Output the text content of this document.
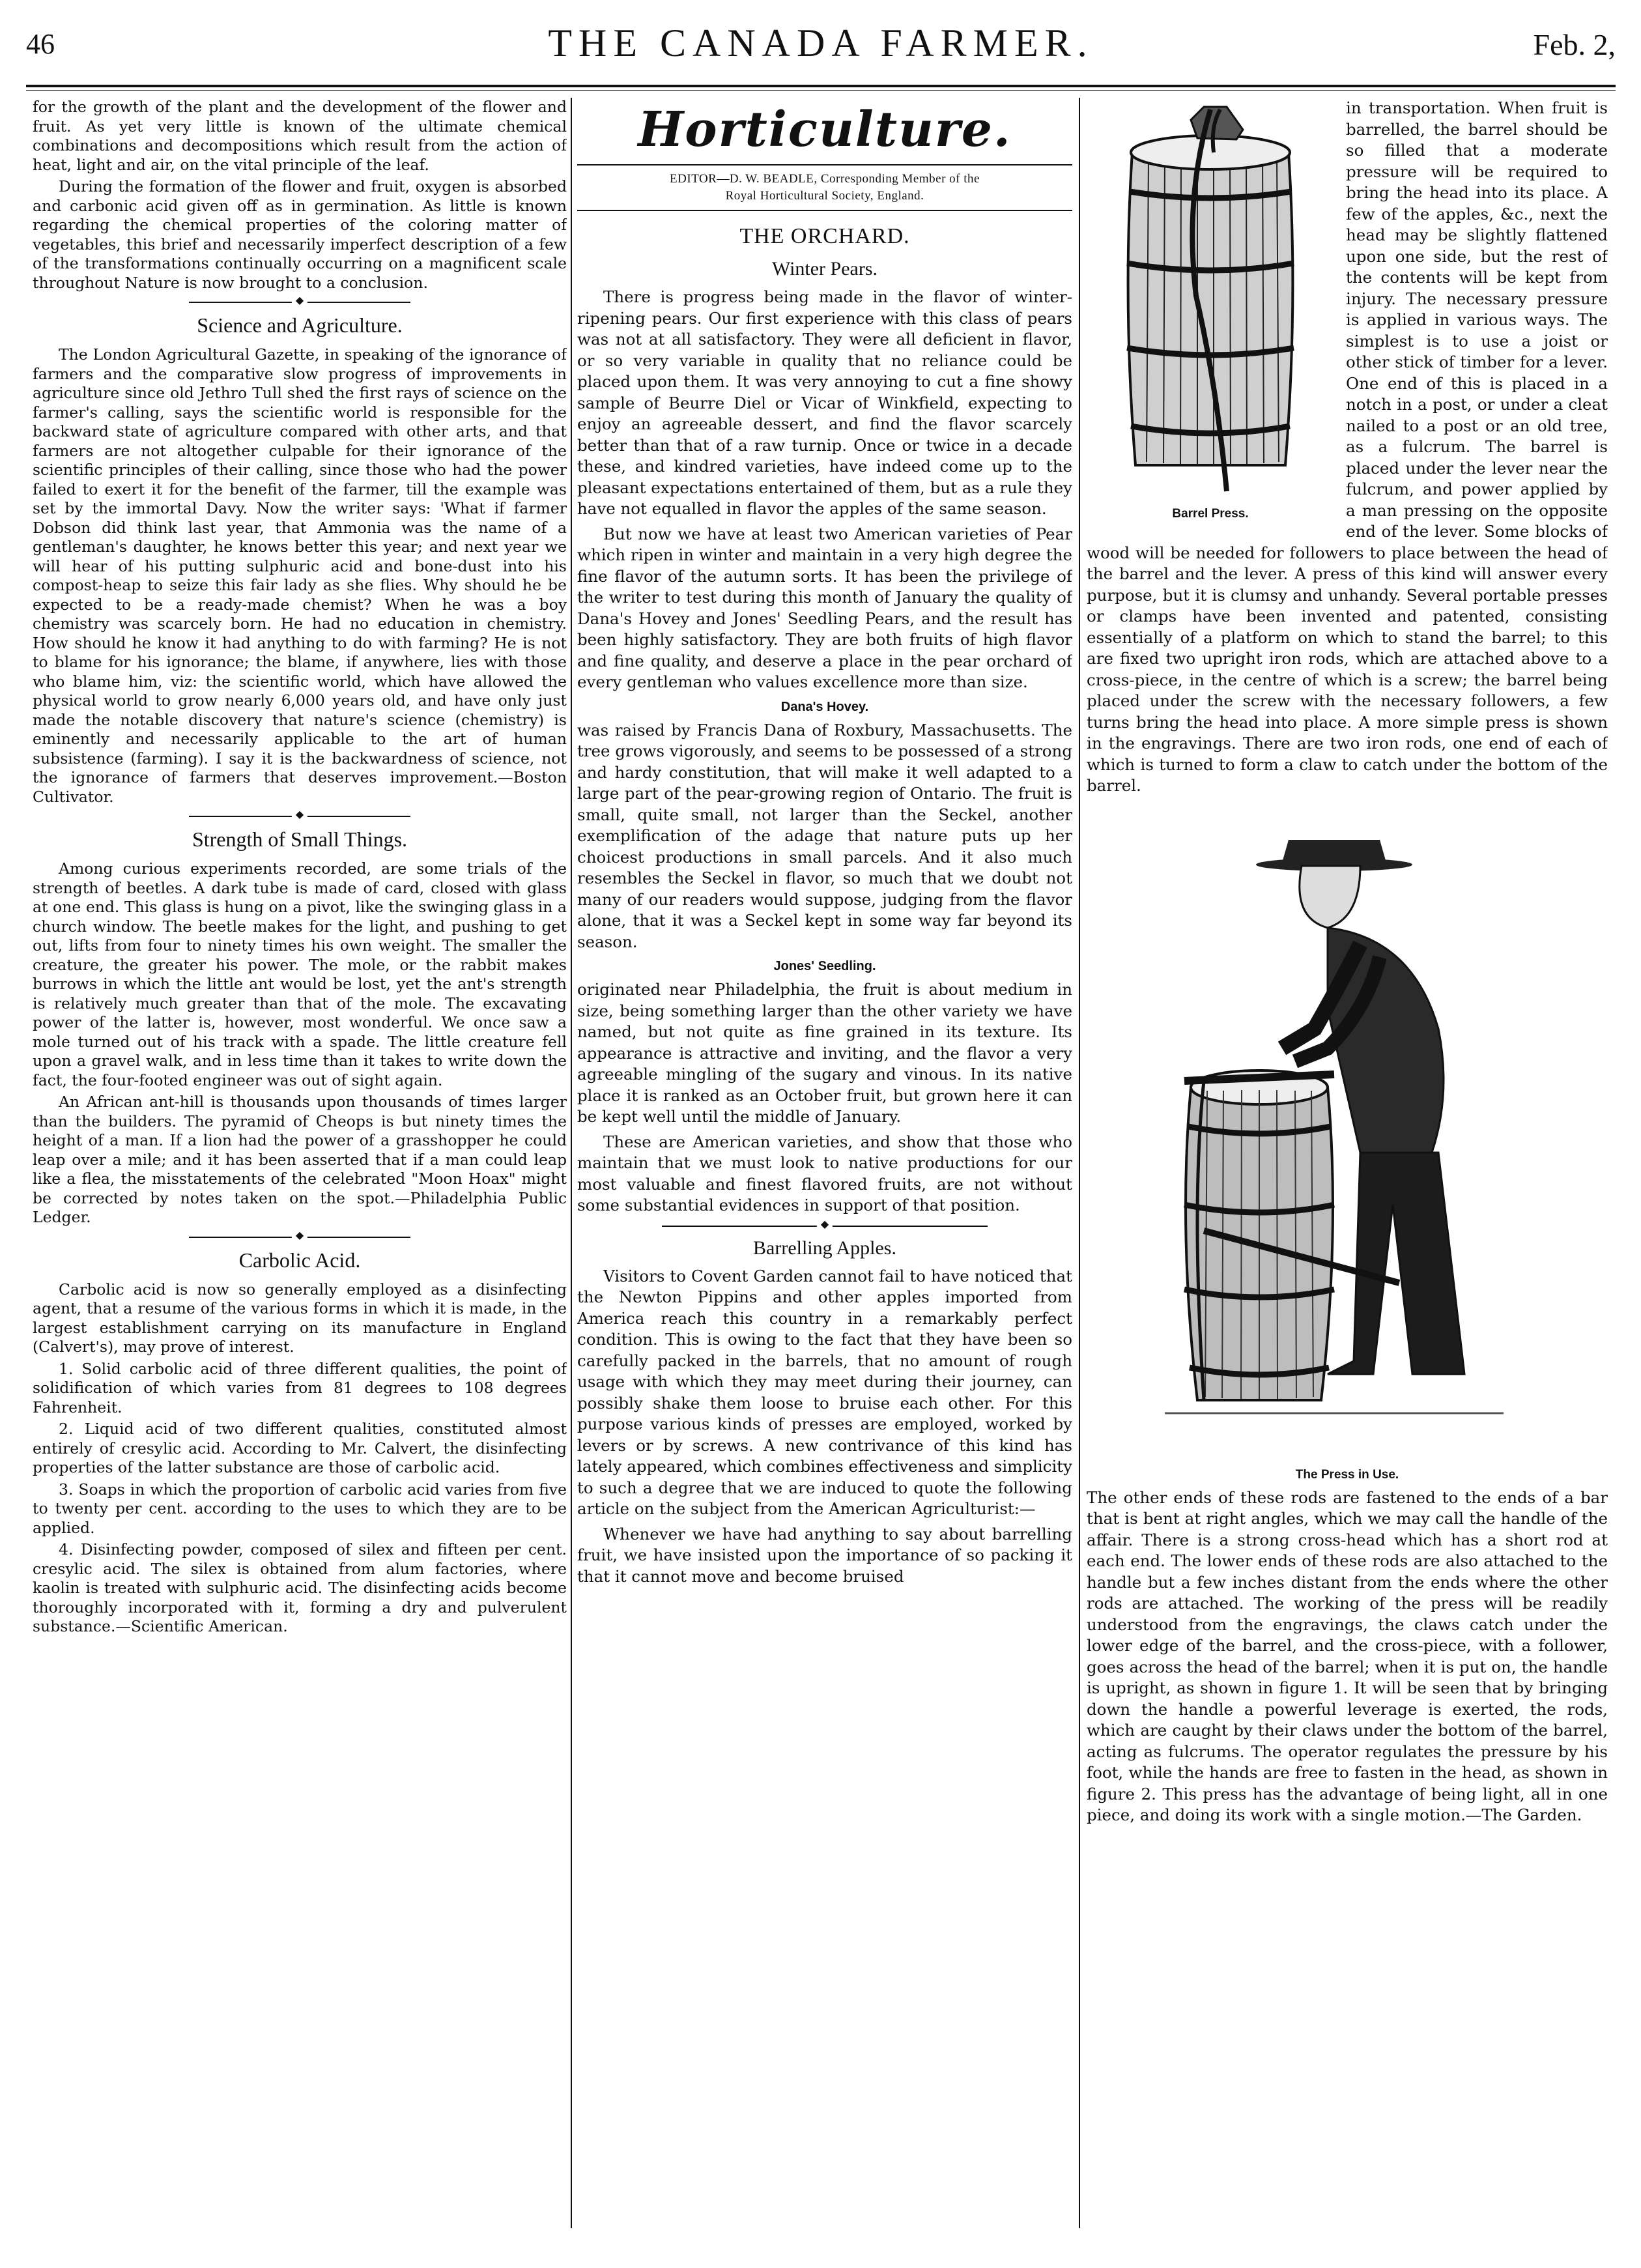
46	THE CANADA FARMER.	Feb. 2,

for the growth of the plant and the development of the flower and fruit. As yet very little is known of the ultimate chemical combinations and decompositions which result from the action of heat, light and air, on the vital principle of the leaf.

During the formation of the flower and fruit, oxygen is absorbed and carbonic acid given off as in germination. As little is known regarding the chemical properties of the coloring matter of vegetables, this brief and necessarily imperfect description of a few of the transformations continually occurring on a magnificent scale throughout Nature is now brought to a conclusion.

◆
Science and Agriculture.

The London Agricultural Gazette, in speaking of the ignorance of farmers and the comparative slow progress of improvements in agriculture since old Jethro Tull shed the first rays of science on the farmer's calling, says the scientific world is responsible for the backward state of agriculture compared with other arts, and that farmers are not altogether culpable for their ignorance of the scientific principles of their calling, since those who had the power failed to exert it for the benefit of the farmer, till the example was set by the immortal Davy. Now the writer says: 'What if farmer Dobson did think last year, that Ammonia was the name of a gentleman's daughter, he knows better this year; and next year we will hear of his putting sulphuric acid and bone-dust into his compost-heap to seize this fair lady as she flies. Why should he be expected to be a ready-made chemist? When he was a boy chemistry was scarcely born. He had no education in chemistry. How should he know it had anything to do with farming? He is not to blame for his ignorance; the blame, if anywhere, lies with those who blame him, viz: the scientific world, which have allowed the physical world to grow nearly 6,000 years old, and have only just made the notable discovery that nature's science (chemistry) is eminently and necessarily applicable to the art of human subsistence (farming). I say it is the backwardness of science, not the ignorance of farmers that deserves improvement.—Boston Cultivator.

◆
Strength of Small Things.

Among curious experiments recorded, are some trials of the strength of beetles. A dark tube is made of card, closed with glass at one end. This glass is hung on a pivot, like the swinging glass in a church window. The beetle makes for the light, and pushing to get out, lifts from four to ninety times his own weight. The smaller the creature, the greater his power. The mole, or the rabbit makes burrows in which the little ant would be lost, yet the ant's strength is relatively much greater than that of the mole. The excavating power of the latter is, however, most wonderful. We once saw a mole turned out of his track with a spade. The little creature fell upon a gravel walk, and in less time than it takes to write down the fact, the four-footed engineer was out of sight again.

An African ant-hill is thousands upon thousands of times larger than the builders. The pyramid of Cheops is but ninety times the height of a man. If a lion had the power of a grasshopper he could leap over a mile; and it has been asserted that if a man could leap like a flea, the misstatements of the celebrated "Moon Hoax" might be corrected by notes taken on the spot.—Philadelphia Public Ledger.

◆
Carbolic Acid.

Carbolic acid is now so generally employed as a disinfecting agent, that a resume of the various forms in which it is made, in the largest establishment carrying on its manufacture in England (Calvert's), may prove of interest.

1. Solid carbolic acid of three different qualities, the point of solidification of which varies from 81 degrees to 108 degrees Fahrenheit.

2. Liquid acid of two different qualities, constituted almost entirely of cresylic acid. According to Mr. Calvert, the disinfecting properties of the latter substance are those of carbolic acid.

3. Soaps in which the proportion of carbolic acid varies from five to twenty per cent. according to the uses to which they are to be applied.

4. Disinfecting powder, composed of silex and fifteen per cent. cresylic acid. The silex is obtained from alum factories, where kaolin is treated with sulphuric acid. The disinfecting acids become thoroughly incorporated with it, forming a dry and pulverulent substance.—Scientific American.

Horticulture.
EDITOR—D. W. BEADLE, Corresponding Member of the
Royal Horticultural Society, England.
THE ORCHARD.
Winter Pears.

There is progress being made in the flavor of winter-ripening pears. Our first experience with this class of pears was not at all satisfactory. They were all deficient in flavor, or so very variable in quality that no reliance could be placed upon them. It was very annoying to cut a fine showy sample of Beurre Diel or Vicar of Winkfield, expecting to enjoy an agreeable dessert, and find the flavor scarcely better than that of a raw turnip. Once or twice in a decade these, and kindred varieties, have indeed come up to the pleasant expectations entertained of them, but as a rule they have not equalled in flavor the apples of the same season.

But now we have at least two American varieties of Pear which ripen in winter and maintain in a very high degree the fine flavor of the autumn sorts. It has been the privilege of the writer to test during this month of January the quality of Dana's Hovey and Jones' Seedling Pears, and the result has been highly satisfactory. They are both fruits of high flavor and fine quality, and deserve a place in the pear orchard of every gentleman who values excellence more than size.

Dana's Hovey.

was raised by Francis Dana of Roxbury, Massachusetts. The tree grows vigorously, and seems to be possessed of a strong and hardy constitution, that will make it well adapted to a large part of the pear-growing region of Ontario. The fruit is small, quite small, not larger than the Seckel, another exemplification of the adage that nature puts up her choicest productions in small parcels. And it also much resembles the Seckel in flavor, so much that we doubt not many of our readers would suppose, judging from the flavor alone, that it was a Seckel kept in some way far beyond its season.

Jones' Seedling.

originated near Philadelphia, the fruit is about medium in size, being something larger than the other variety we have named, but not quite as fine grained in its texture. Its appearance is attractive and inviting, and the flavor a very agreeable mingling of the sugary and vinous. In its native place it is ranked as an October fruit, but grown here it can be kept well until the middle of January.

These are American varieties, and show that those who maintain that we must look to native productions for our most valuable and finest flavored fruits, are not without some substantial evidences in support of that position.

◆
Barrelling Apples.

Visitors to Covent Garden cannot fail to have noticed that the Newton Pippins and other apples imported from America reach this country in a remarkably perfect condition. This is owing to the fact that they have been so carefully packed in the barrels, that no amount of rough usage with which they may meet during their journey, can possibly shake them loose to bruise each other. For this purpose various kinds of presses are employed, worked by levers or by screws. A new contrivance of this kind has lately appeared, which combines effectiveness and simplicity to such a degree that we are induced to quote the following article on the subject from the American Agriculturist:—

Whenever we have had anything to say about barrelling fruit, we have insisted upon the importance of so packing it that it cannot move and become bruised

Barrel Press.

in transportation. When fruit is barrelled, the barrel should be so filled that a moderate pressure will be required to bring the head into its place. A few of the apples, &c., next the head may be slightly flattened upon one side, but the rest of the contents will be kept from injury. The necessary pressure is applied in various ways. The simplest is to use a joist or other stick of timber for a lever. One end of this is placed in a notch in a post, or under a cleat nailed to a post or an old tree, as a fulcrum. The barrel is placed under the lever near the fulcrum, and power applied by a man pressing on the opposite end of the lever. Some blocks of wood will be needed for followers to place between the head of the barrel and the lever. A press of this kind will answer every purpose, but it is clumsy and unhandy. Several portable presses or clamps have been invented and patented, consisting essentially of a platform on which to stand the barrel; to this are fixed two upright iron rods, which are attached above to a cross-piece, in the centre of which is a screw; the barrel being placed under the screw with the necessary followers, a few turns bring the head into place. A more simple press is shown in the engravings. There are two iron rods, one end of each of which is turned to form a claw to catch under the bottom of the barrel.

The Press in Use.

The other ends of these rods are fastened to the ends of a bar that is bent at right angles, which we may call the handle of the affair. There is a strong cross-head which has a short rod at each end. The lower ends of these rods are also attached to the handle but a few inches distant from the ends where the other rods are attached. The working of the press will be readily understood from the engravings, the claws catch under the lower edge of the barrel, and the cross-piece, with a follower, goes across the head of the barrel; when it is put on, the handle is upright, as shown in figure 1. It will be seen that by bringing down the handle a powerful leverage is exerted, the rods, which are caught by their claws under the bottom of the barrel, acting as fulcrums. The operator regulates the pressure by his foot, while the hands are free to fasten in the head, as shown in figure 2. This press has the advantage of being light, all in one piece, and doing its work with a single motion.—The Garden.
